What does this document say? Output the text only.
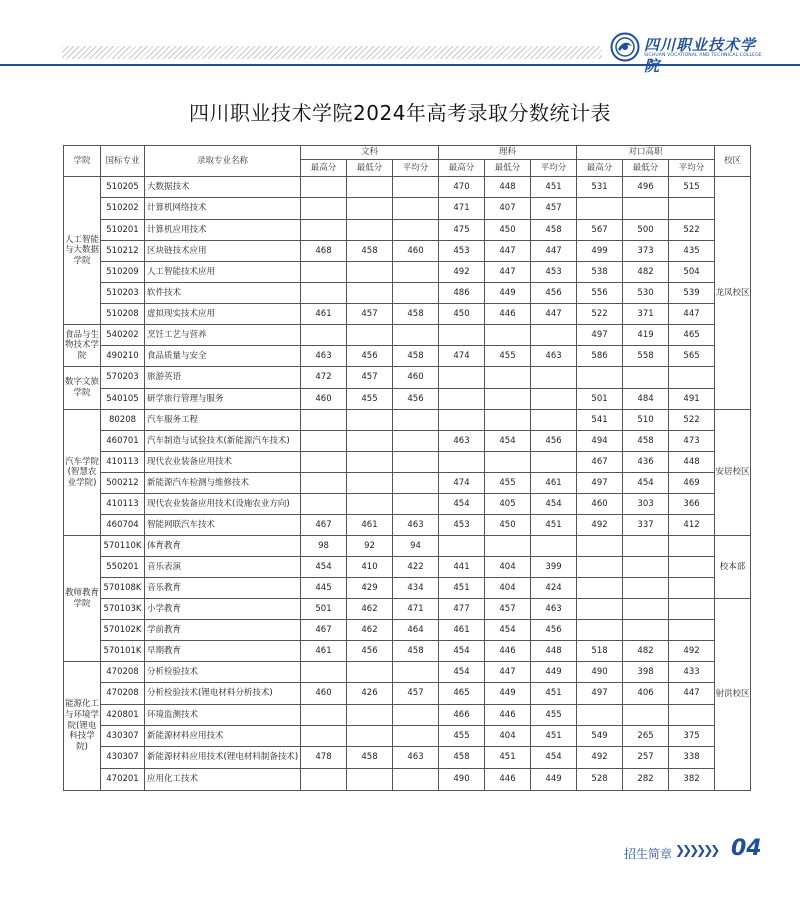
四川职业技术学院
SICHUAN VOCATIONAL AND TECHNICAL COLLEGE
四川职业技术学院2024年高考录取分数统计表
学院	国标专业	录取专业名称	文科			理科			对口高职			校区
			最高分	最低分	平均分	最高分	最低分	平均分	最高分	最低分	平均分	
人工智能与大数据学院	510205	大数据技术				470	448	451	531	496	515	龙凤校区
	510202	计算机网络技术				471	407	457				
	510201	计算机应用技术				475	450	458	567	500	522	
	510212	区块链技术应用	468	458	460	453	447	447	499	373	435	
	510209	人工智能技术应用				492	447	453	538	482	504	
	510203	软件技术				486	449	456	556	530	539	
	510208	虚拟现实技术应用	461	457	458	450	446	447	522	371	447	
食品与生物技术学院	540202	烹饪工艺与营养							497	419	465	
	490210	食品质量与安全	463	456	458	474	455	463	586	558	565	
数字文旅学院	570203	旅游英语	472	457	460							
	540105	研学旅行管理与服务	460	455	456				501	484	491	
汽车学院(智慧农业学院)	80208	汽车服务工程							541	510	522	安居校区
	460701	汽车制造与试验技术(新能源汽车技术)				463	454	456	494	458	473	
	410113	现代农业装备应用技术							467	436	448	
	500212	新能源汽车检测与维修技术				474	455	461	497	454	469	
	410113	现代农业装备应用技术(设施农业方向)				454	405	454	460	303	366	
	460704	智能网联汽车技术	467	461	463	453	450	451	492	337	412	
教师教育学院	570110K	体育教育	98	92	94							校本部
	550201	音乐表演	454	410	422	441	404	399				
	570108K	音乐教育	445	429	434	451	404	424				
	570103K	小学教育	501	462	471	477	457	463				射洪校区
	570102K	学前教育	467	462	464	461	454	456				
	570101K	早期教育	461	456	458	454	446	448	518	482	492	
能源化工与环境学院(锂电科技学院)	470208	分析检验技术				454	447	449	490	398	433	
	470208	分析检验技术(锂电材料分析技术)	460	426	457	465	449	451	497	406	447	
	420801	环境监测技术				466	446	455				
	430307	新能源材料应用技术				455	404	451	549	265	375	
	430307	新能源材料应用技术(锂电材料制备技术)	478	458	463	458	451	454	492	257	338	
	470201	应用化工技术				490	446	449	528	282	382	
招生简章 ❯❯❯❯❯❯ 04
